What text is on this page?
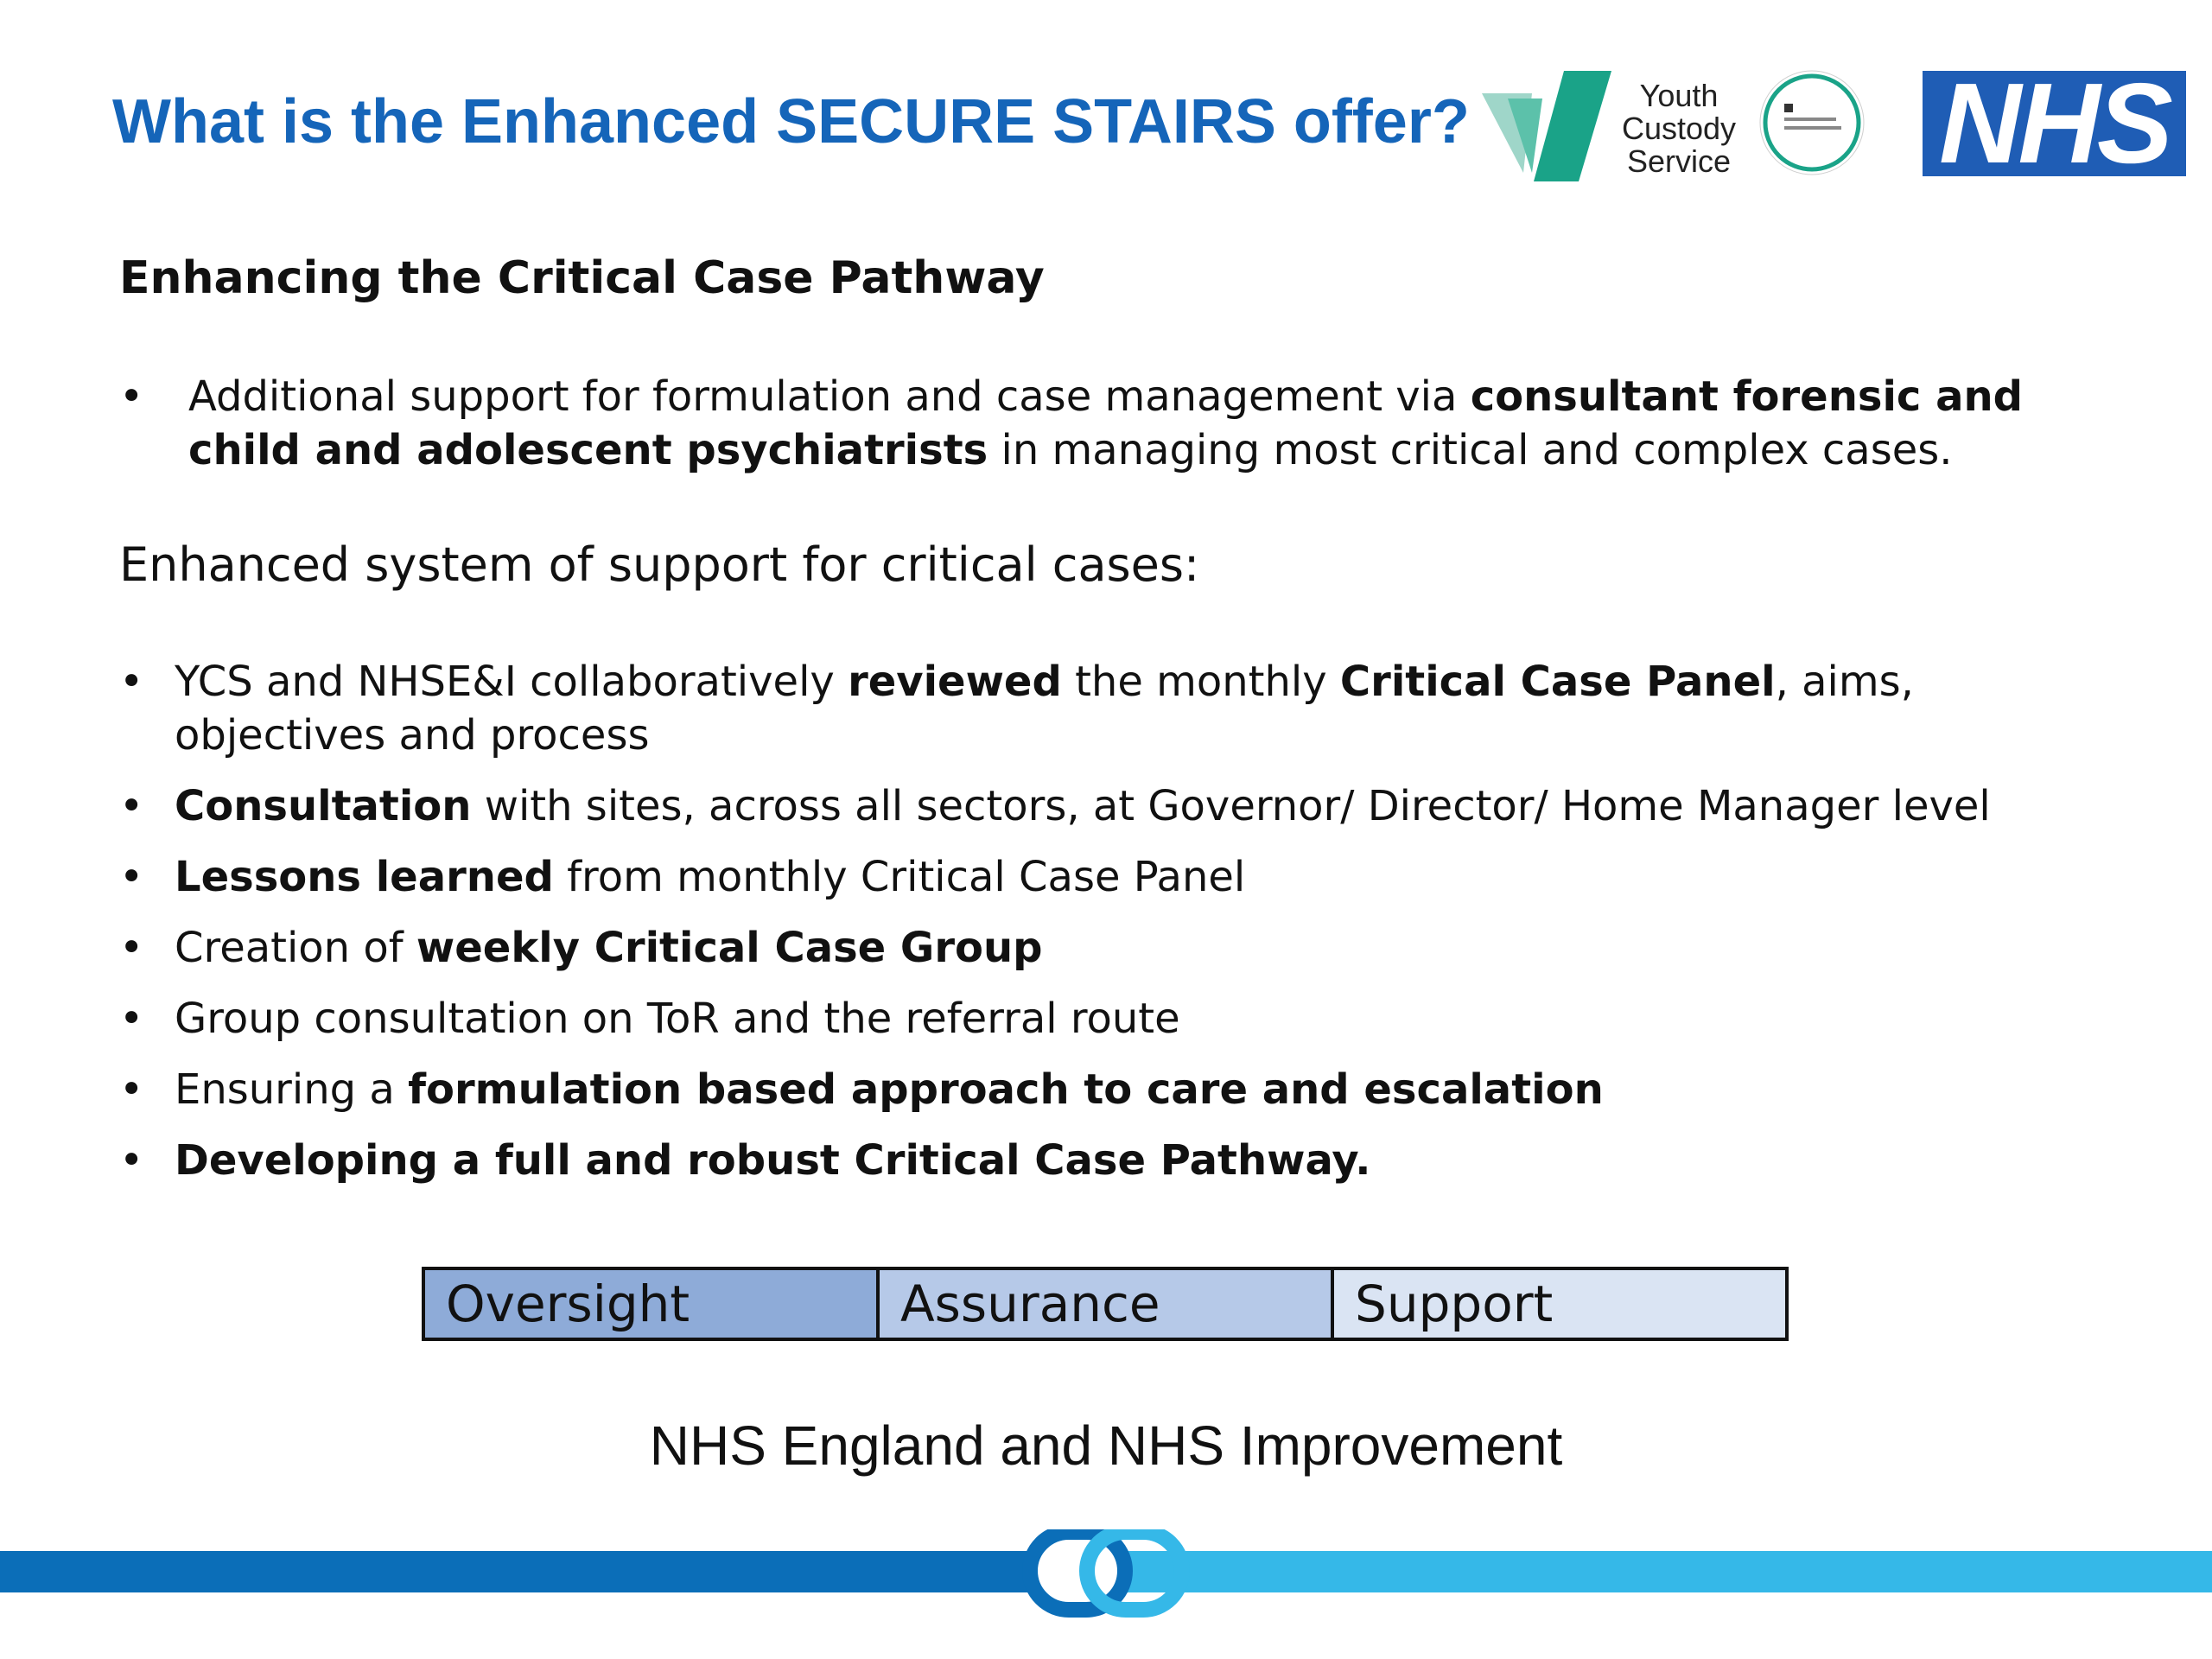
What is the Enhanced SECURE STAIRS offer?	Youth
Custody
Service NHS
Enhancing the Critical Case Pathway
• Additional support for formulation and case management via consultant forensic and child and adolescent psychiatrists in managing most critical and complex cases.
Enhanced system of support for critical cases:
• YCS and NHSE&I collaboratively reviewed the monthly Critical Case Panel, aims, objectives and process
• Consultation with sites, across all sectors, at Governor/ Director/ Home Manager level
• Lessons learned from monthly Critical Case Panel
• Creation of weekly Critical Case Group
• Group consultation on ToR and the referral route
• Ensuring a formulation based approach to care and escalation
• Developing a full and robust Critical Case Pathway.
Oversight	Assurance	Support
NHS England and NHS Improvement
